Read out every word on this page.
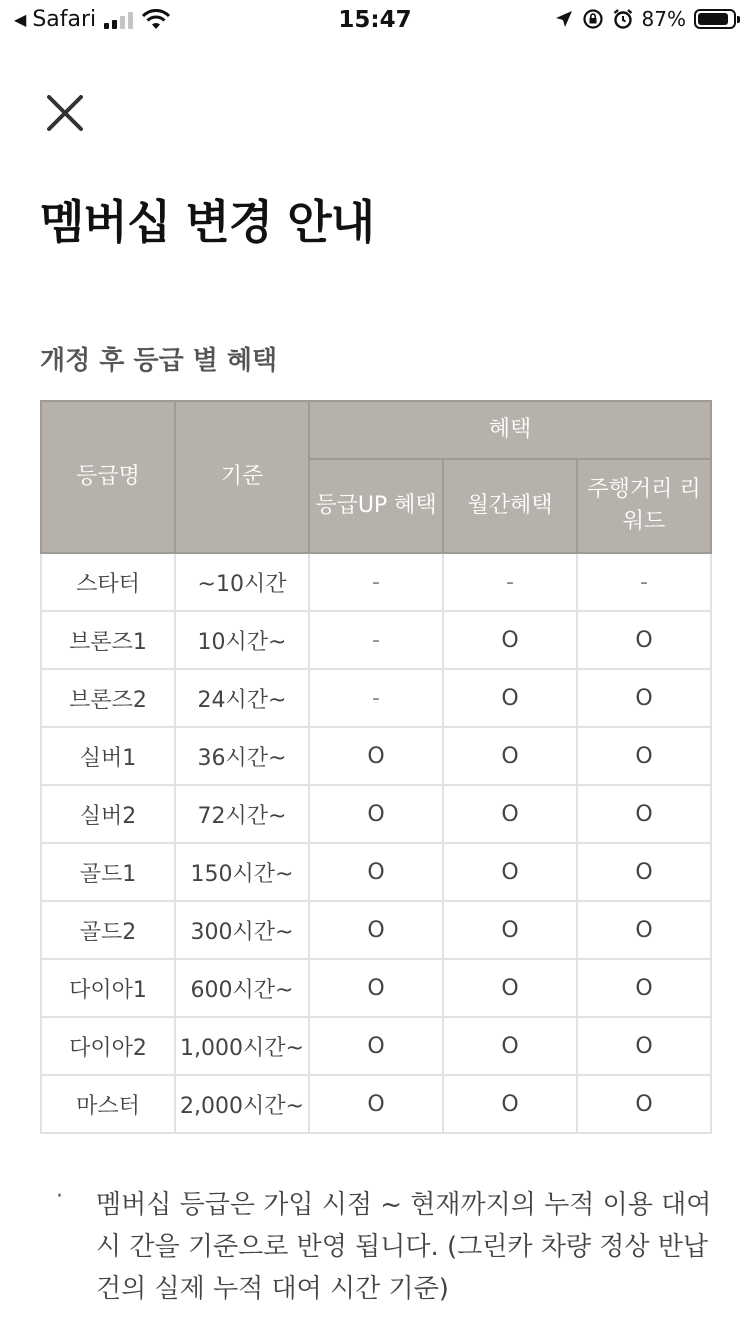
◀ Safari	15:47	87%
멤버십 변경 안내
개정 후 등급 별 혜택
등급명	기준	혜택		
		등급UP 혜택	월간혜택	주행거리 리워드
스타터	~10시간	-	-	-
브론즈1	10시간~	-	O	O
브론즈2	24시간~	-	O	O
실버1	36시간~	O	O	O
실버2	72시간~	O	O	O
골드1	150시간~	O	O	O
골드2	300시간~	O	O	O
다이아1	600시간~	O	O	O
다이아2	1,000시간~	O	O	O
마스터	2,000시간~	O	O	O
·	멤버십 등급은 가입 시점 ~ 현재까지의 누적 이용 대여 시 간을 기준으로 반영 됩니다. (그린카 차량 정상 반납 건의 실제 누적 대여 시간 기준)
